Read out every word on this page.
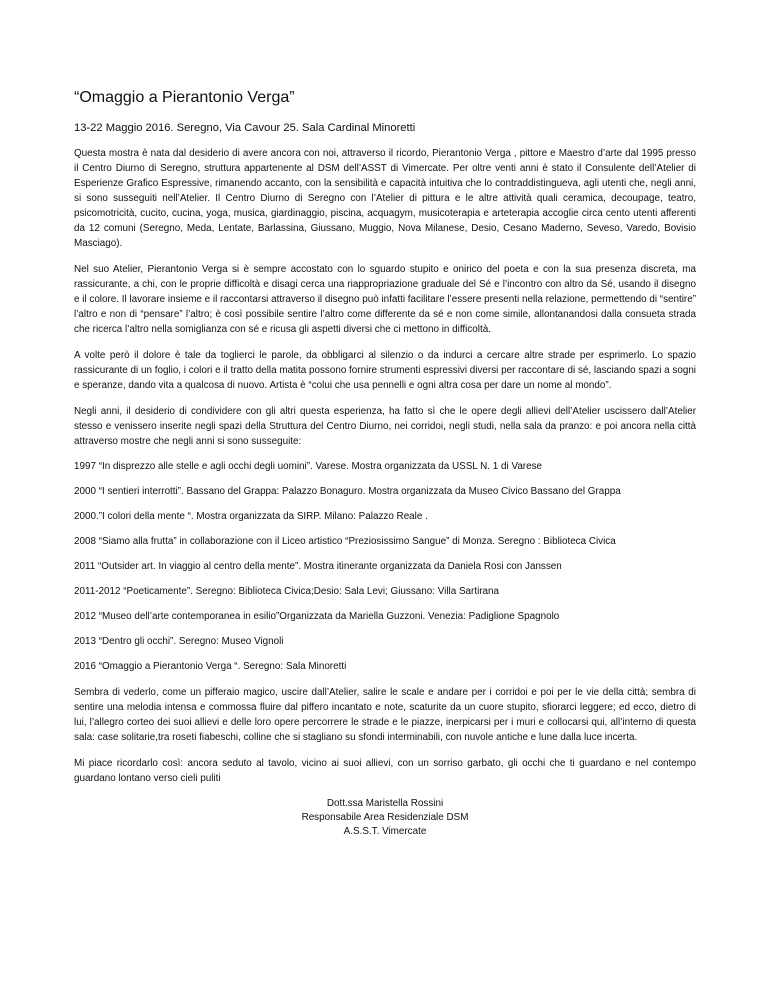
“Omaggio a Pierantonio Verga”
13-22 Maggio 2016. Seregno, Via Cavour 25. Sala Cardinal Minoretti
Questa mostra è nata dal desiderio di avere ancora con noi, attraverso il ricordo, Pierantonio Verga , pittore e Maestro d’arte dal 1995 presso il Centro Diurno di Seregno, struttura appartenente al DSM dell’ASST di Vimercate. Per oltre venti anni è stato il Consulente dell’Atelier di Esperienze Grafico Espressive, rimanendo accanto, con la sensibilità e capacità intuitiva che lo contraddistingueva, agli utenti che, negli anni, si sono susseguiti nell’Atelier. Il Centro Diurno di Seregno con l’Atelier di pittura e le altre attività quali ceramica, decoupage, teatro, psicomotricità, cucito, cucina, yoga, musica, giardinaggio, piscina, acquagym, musicoterapia e arteterapia accoglie circa cento utenti afferenti da 12 comuni (Seregno, Meda, Lentate, Barlassina, Giussano, Muggio, Nova Milanese, Desio, Cesano Maderno, Seveso, Varedo, Bovisio Masciago).
Nel suo Atelier, Pierantonio Verga si è sempre accostato con lo sguardo stupito e onirico del poeta e con la sua presenza discreta, ma rassicurante, a chi, con le proprie difficoltà e disagi cerca una riappropriazione graduale del Sé e l’incontro con altro da Sé, usando il disegno e il colore. Il lavorare insieme e il raccontarsi attraverso il disegno può infatti facilitare l’essere presenti nella relazione, permettendo di “sentire” l’altro e non di “pensare” l’altro; è così possibile sentire l’altro come differente da sé e non come simile, allontanandosi dalla consueta strada che ricerca l’altro nella somiglianza con sé e ricusa gli aspetti diversi che ci mettono in difficoltà.
A volte però il dolore è tale da toglierci le parole, da obbligarci al silenzio o da indurci a cercare altre strade per esprimerlo. Lo spazio rassicurante di un foglio, i colori e il tratto della matita possono fornire strumenti espressivi diversi per raccontare di sé, lasciando spazi a sogni e speranze, dando vita a qualcosa di nuovo. Artista è “colui che usa pennelli e ogni altra cosa per dare un nome al mondo”.
Negli anni, il desiderio di condividere con gli altri questa esperienza, ha fatto sì che le opere degli allievi dell’Atelier uscissero dall’Atelier stesso e venissero inserite negli spazi della Struttura del Centro Diurno, nei corridoi, negli studi, nella sala da pranzo: e poi ancora nella città attraverso mostre che negli anni si sono susseguite:
1997 “In disprezzo alle stelle e agli occhi degli uomini”. Varese. Mostra organizzata da USSL N. 1 di Varese
2000 “I sentieri interrotti”. Bassano del Grappa: Palazzo Bonaguro. Mostra organizzata da Museo Civico Bassano del Grappa
2000.”I colori della mente “. Mostra organizzata da SIRP. Milano: Palazzo Reale .
2008 “Siamo alla frutta” in collaborazione con il Liceo artistico “Preziosissimo Sangue” di Monza. Seregno : Biblioteca Civica
2011 “Outsider art. In viaggio al centro della mente”. Mostra itinerante organizzata da Daniela Rosi con Janssen
2011-2012 “Poeticamente”. Seregno: Biblioteca Civica;Desio: Sala Levi; Giussano: Villa Sartirana
2012 “Museo dell’arte contemporanea in esilio”Organizzata da Mariella Guzzoni. Venezia: Padiglione Spagnolo
2013 “Dentro gli occhi”. Seregno: Museo Vignoli
2016 “Omaggio a Pierantonio Verga “. Seregno: Sala Minoretti
Sembra di vederlo, come un pifferaio magico, uscire dall’Atelier, salire le scale e andare per i corridoi e poi per le vie della città; sembra di sentire una melodia intensa e commossa fluire dal piffero incantato e note, scaturite da un cuore stupito, sfiorarci leggere; ed ecco, dietro di lui, l’allegro corteo dei suoi allievi e delle loro opere percorrere le strade e le piazze, inerpicarsi per i muri e collocarsi qui, all’interno di questa sala: case solitarie,tra roseti fiabeschi, colline che si stagliano su sfondi interminabili, con nuvole antiche e lune dalla luce incerta.
Mi piace ricordarlo così: ancora seduto al tavolo, vicino ai suoi allievi, con un sorriso garbato, gli occhi che ti guardano e nel contempo guardano lontano verso cieli puliti
Dott.ssa Maristella Rossini
Responsabile Area Residenziale DSM
A.S.S.T. Vimercate
